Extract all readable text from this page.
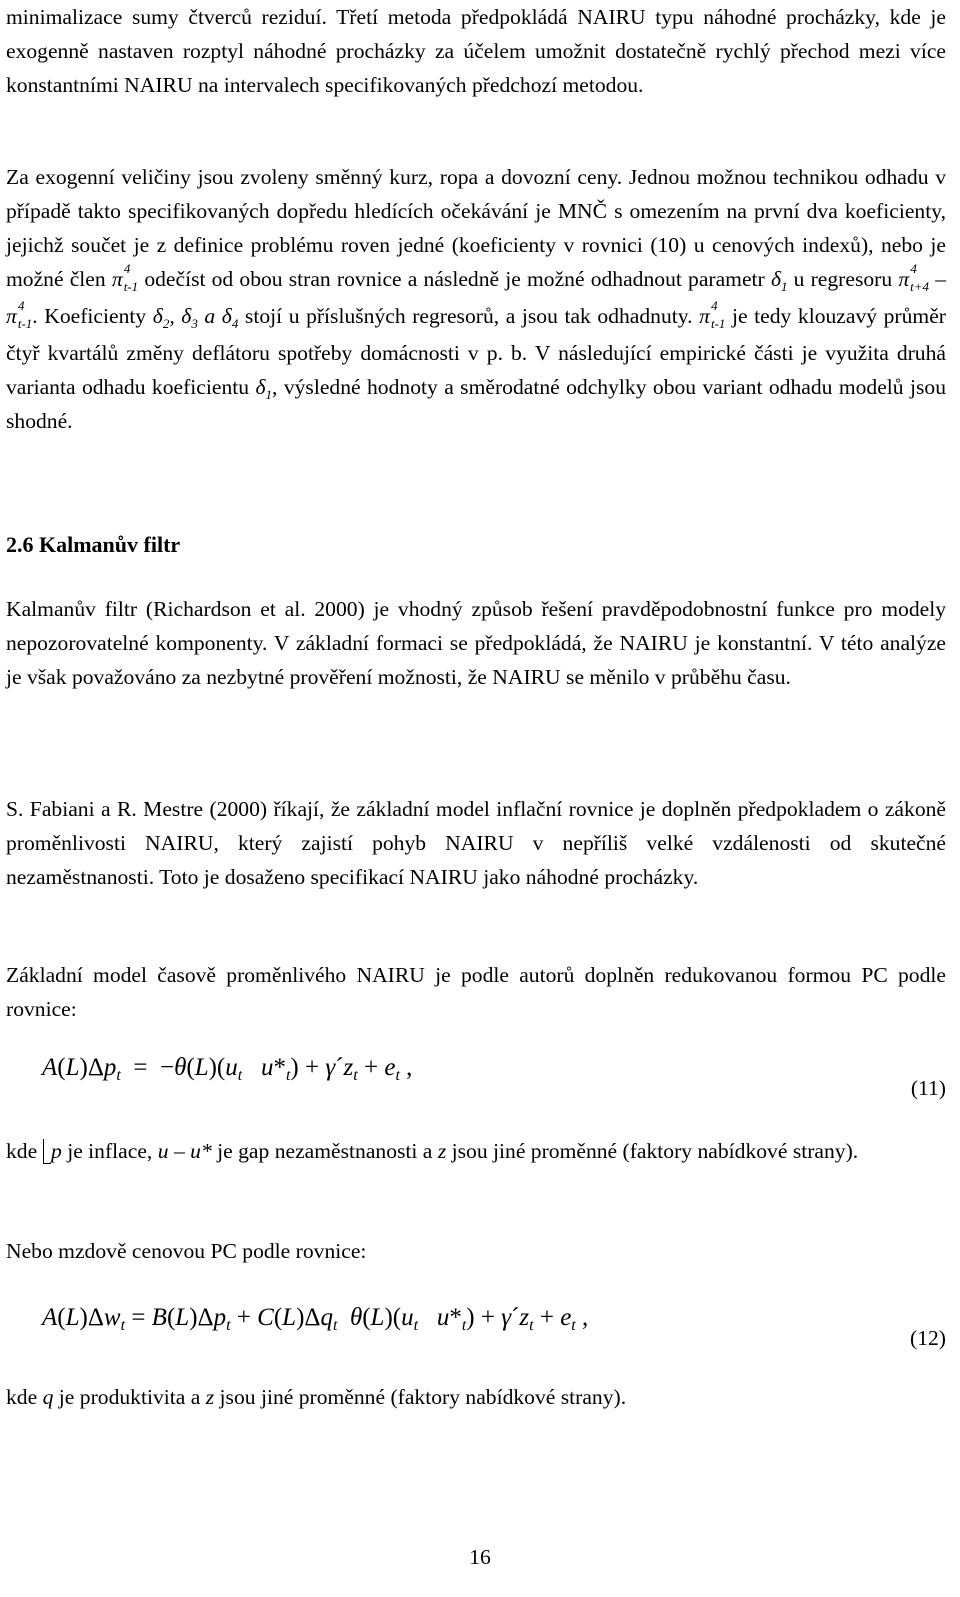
minimalizace sumy čtverců reziduí. Třetí metoda předpokládá NAIRU typu náhodné procházky, kde je exogenně nastaven rozptyl náhodné procházky za účelem umožnit dostatečně rychlý přechod mezi více konstantními NAIRU na intervalech specifikovaných předchozí metodou.

Za exogenní veličiny jsou zvoleny směnný kurz, ropa a dovozní ceny. Jednou možnou technikou odhadu v případě takto specifikovaných dopředu hledících očekávání je MNČ s omezením na první dva koeficienty, jejichž součet je z definice problému roven jedné (koeficienty v rovnici (10) u cenových indexů), nebo je možné člen π 4
$_{t-1}$ odečíst od obou stran rovnice a následně je možné odhadnout parametr $\delta_1$ u regresoru π 4
$_{t+4}$ – π 4
$_{t-1}$. Koeficienty $\delta_2$, $\delta_3$ a $\delta_4$ stojí u příslušných regresorů, a jsou tak odhadnuty. π 4
$_{t-1}$ je tedy klouzavý průměr čtyř kvartálů změny deflátoru spotřeby domácnosti v p. b. V následující empirické části je využita druhá varianta odhadu koeficientu $\delta_1$, výsledné hodnoty a směrodatné odchylky obou variant odhadu modelů jsou shodné.

2.6 Kalmanův filtr

Kalmanův filtr (Richardson et al. 2000) je vhodný způsob řešení pravděpodobnostní funkce pro modely nepozorovatelné komponenty. V základní formaci se předpokládá, že NAIRU je konstantní. V této analýze je však považováno za nezbytné prověření možnosti, že NAIRU se měnilo v průběhu času.

S. Fabiani a R. Mestre (2000) říkají, že základní model inflační rovnice je doplněn předpokladem o zákoně proměnlivosti NAIRU, který zajistí pohyb NAIRU v nepříliš velké vzdálenosti od skutečné nezaměstnanosti. Toto je dosaženo specifikací NAIRU jako náhodné procházky.

Základní model časově proměnlivého NAIRU je podle autorů doplněn redukovanou formou PC podle rovnice:

$A(L)\Delta p_t = -\theta(L)(u_t$ $u*_t$) + $\gamma´z_t + e_t$ ,
(11)

kde p je inflace, u – u* je gap nezaměstnanosti a z jsou jiné proměnné (faktory nabídkové strany).

Nebo mzdově cenovou PC podle rovnice:

$A(L)\Delta w_t = B(L)\Delta p_t + C(L)\Delta q_t$ $\theta(L)(u_t$ $u*_t$) + $\gamma´z_t + e_t$ ,
(12)

kde q je produktivita a z jsou jiné proměnné (faktory nabídkové strany).

16
